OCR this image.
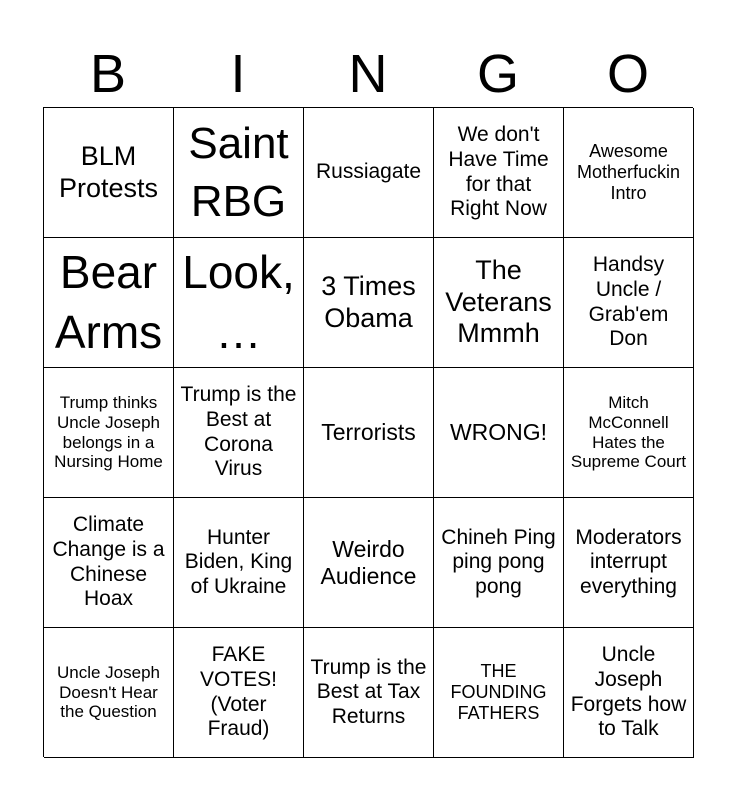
B	I	N	G	O
BLM Protests
Saint RBG
Russiagate
We don't Have Time for that Right Now
Awesome Motherfuckin Intro
Bear Arms
Look, …
3 Times Obama
The Veterans Mmmh
Handsy Uncle / Grab'em Don
Trump thinks Uncle Joseph belongs in a Nursing Home
Trump is the Best at Corona Virus
Terrorists WRONG!
Mitch McConnell Hates the Supreme Court
Climate Change is a Chinese Hoax
Hunter Biden, King of Ukraine
Weirdo Audience
Chineh Ping ping pong pong
Moderators interrupt everything
Uncle Joseph Doesn't Hear the Question
FAKE VOTES! (Voter Fraud)
Trump is the Best at Tax Returns
THE FOUNDING FATHERS
Uncle Joseph Forgets how to Talk
